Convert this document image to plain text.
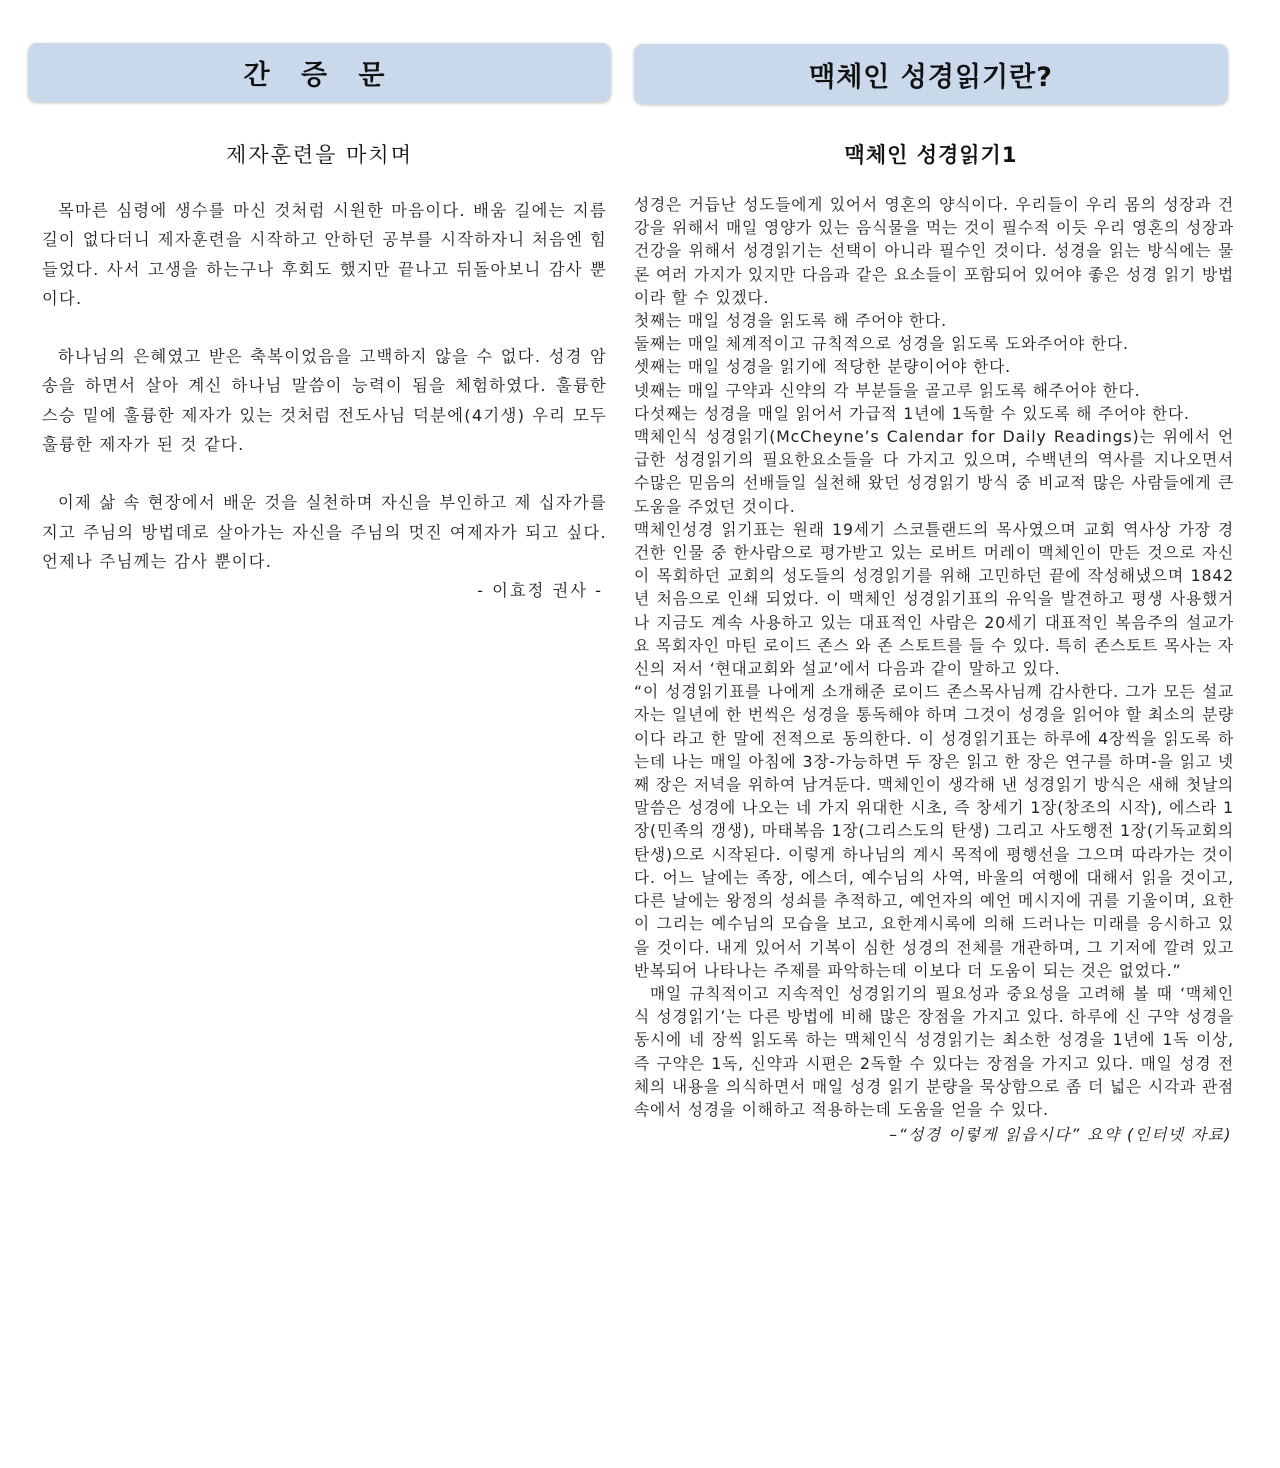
간 증 문
제자훈련을 마치며

목마른 심령에 생수를 마신 것처럼 시원한 마음이다. 배움 길에는 지름길이 없다더니 제자훈련을 시작하고 안하던 공부를 시작하자니 처음엔 힘들었다. 사서 고생을 하는구나 후회도 했지만 끝나고 뒤돌아보니 감사 뿐이다.

하나님의 은혜였고 받은 축복이었음을 고백하지 않을 수 없다. 성경 암송을 하면서 살아 계신 하나님 말씀이 능력이 됨을 체험하였다. 훌륭한 스승 밑에 훌륭한 제자가 있는 것처럼 전도사님 덕분에(4기생) 우리 모두 훌륭한 제자가 된 것 같다.

이제 삶 속 현장에서 배운 것을 실천하며 자신을 부인하고 제 십자가를 지고 주님의 방법데로 살아가는 자신을 주님의 멋진 여제자가 되고 싶다. 언제나 주님께는 감사 뿐이다.

- 이효정 권사 -
맥체인 성경읽기란?
맥체인 성경읽기1

성경은 거듭난 성도들에게 있어서 영혼의 양식이다. 우리들이 우리 몸의 성장과 건강을 위해서 매일 영양가 있는 음식물을 먹는 것이 필수적 이듯 우리 영혼의 성장과 건강을 위해서 성경읽기는 선택이 아니라 필수인 것이다. 성경을 읽는 방식에는 물론 여러 가지가 있지만 다음과 같은 요소들이 포함되어 있어야 좋은 성경 읽기 방법이라 할 수 있겠다.

첫째는 매일 성경을 읽도록 해 주어야 한다.

둘째는 매일 체계적이고 규칙적으로 성경을 읽도록 도와주어야 한다.

셋째는 매일 성경을 읽기에 적당한 분량이어야 한다.

넷째는 매일 구약과 신약의 각 부분들을 골고루 읽도록 해주어야 한다.

다섯째는 성경을 매일 읽어서 가급적 1년에 1독할 수 있도록 해 주어야 한다.

맥체인식 성경읽기(McCheyne’s Calendar for Daily Readings)는 위에서 언급한 성경읽기의 필요한요소들을 다 가지고 있으며, 수백년의 역사를 지나오면서 수많은 믿음의 선배들일 실천해 왔던 성경읽기 방식 중 비교적 많은 사람들에게 큰 도움을 주었던 것이다.

맥체인성경 읽기표는 원래 19세기 스코틀랜드의 목사였으며 교회 역사상 가장 경건한 인물 중 한사람으로 평가받고 있는 로버트 머레이 맥체인이 만든 것으로 자신이 목회하던 교회의 성도들의 성경읽기를 위해 고민하던 끝에 작성해냈으며 1842년 처음으로 인쇄 되었다. 이 맥체인 성경읽기표의 유익을 발견하고 평생 사용했거나 지금도 계속 사용하고 있는 대표적인 사람은 20세기 대표적인 복음주의 설교가요 목회자인 마틴 로이드 존스 와 존 스토트를 들 수 있다. 특히 존스토트 목사는 자신의 저서 ‘현대교회와 설교’에서 다음과 같이 말하고 있다.

“이 성경읽기표를 나에게 소개해준 로이드 존스목사님께 감사한다. 그가 모든 설교자는 일년에 한 번씩은 성경을 통독해야 하며 그것이 성경을 읽어야 할 최소의 분량이다 라고 한 말에 전적으로 동의한다. 이 성경읽기표는 하루에 4장씩을 읽도록 하는데 나는 매일 아침에 3장-가능하면 두 장은 읽고 한 장은 연구를 하며-을 읽고 넷째 장은 저녁을 위하여 남겨둔다. 맥체인이 생각해 낸 성경읽기 방식은 새해 첫날의 말씀은 성경에 나오는 네 가지 위대한 시초, 즉 창세기 1장(창조의 시작), 에스라 1장(민족의 갱생), 마태복음 1장(그리스도의 탄생) 그리고 사도행전 1장(기독교회의 탄생)으로 시작된다. 이렇게 하나님의 계시 목적에 평행선을 그으며 따라가는 것이다. 어느 날에는 족장, 에스더, 예수님의 사역, 바울의 여행에 대해서 읽을 것이고, 다른 날에는 왕정의 성쇠를 추적하고, 예언자의 예언 메시지에 귀를 기울이며, 요한이 그리는 예수님의 모습을 보고, 요한계시록에 의해 드러나는 미래를 응시하고 있을 것이다. 내게 있어서 기복이 심한 성경의 전체를 개관하며, 그 기저에 깔려 있고 반복되어 나타나는 주제를 파악하는데 이보다 더 도움이 되는 것은 없었다.”

매일 규칙적이고 지속적인 성경읽기의 필요성과 중요성을 고려해 볼 때 ‘맥체인식 성경읽기’는 다른 방법에 비해 많은 장점을 가지고 있다. 하루에 신 구약 성경을 동시에 네 장씩 읽도록 하는 맥체인식 성경읽기는 최소한 성경을 1년에 1독 이상, 즉 구약은 1독, 신약과 시편은 2독할 수 있다는 장점을 가지고 있다. 매일 성경 전체의 내용을 의식하면서 매일 성경 읽기 분량을 묵상함으로 좀 더 넓은 시각과 관점 속에서 성경을 이해하고 적용하는데 도움을 얻을 수 있다.

–“성경 이렇게 읽읍시다” 요약 (인터넷 자료)
